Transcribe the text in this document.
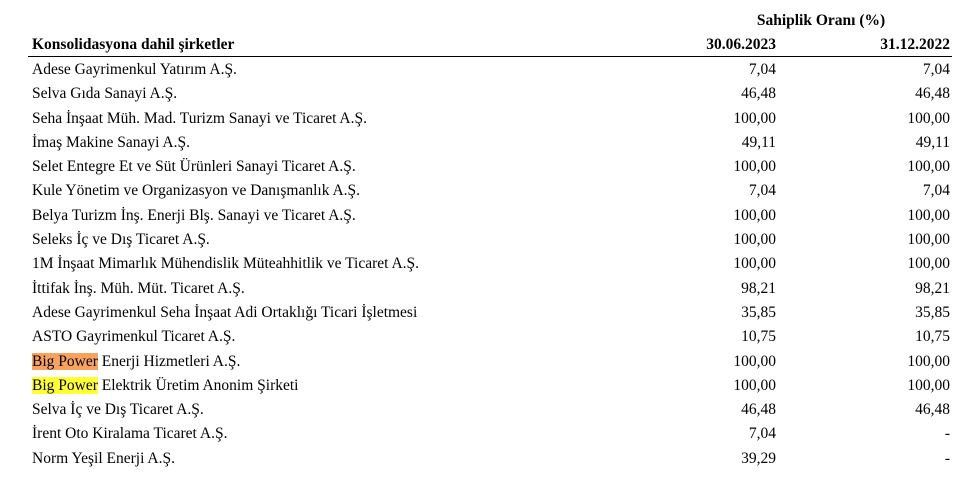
Sahiplik Oranı (%)
Konsolidasyona dahil şirketler	30.06.2023	31.12.2022
Adese Gayrimenkul Yatırım A.Ş.	7,04	7,04
Selva Gıda Sanayi A.Ş.	46,48	46,48
Seha İnşaat Müh. Mad. Turizm Sanayi ve Ticaret A.Ş.	100,00	100,00
İmaş Makine Sanayi A.Ş.	49,11	49,11
Selet Entegre Et ve Süt Ürünleri Sanayi Ticaret A.Ş.	100,00	100,00
Kule Yönetim ve Organizasyon ve Danışmanlık A.Ş.	7,04	7,04
Belya Turizm İnş. Enerji Blş. Sanayi ve Ticaret A.Ş.	100,00	100,00
Seleks İç ve Dış Ticaret A.Ş.	100,00	100,00
1M İnşaat Mimarlık Mühendislik Müteahhitlik ve Ticaret A.Ş.	100,00	100,00
İttifak İnş. Müh. Müt. Ticaret A.Ş.	98,21	98,21
Adese Gayrimenkul Seha İnşaat Adi Ortaklığı Ticari İşletmesi	35,85	35,85
ASTO Gayrimenkul Ticaret A.Ş.	10,75	10,75
Big Power Enerji Hizmetleri A.Ş.	100,00	100,00
Big Power Elektrik Üretim Anonim Şirketi	100,00	100,00
Selva İç ve Dış Ticaret A.Ş.	46,48	46,48
İrent Oto Kiralama Ticaret A.Ş.	7,04	-
Norm Yeşil Enerji A.Ş.	39,29	-
